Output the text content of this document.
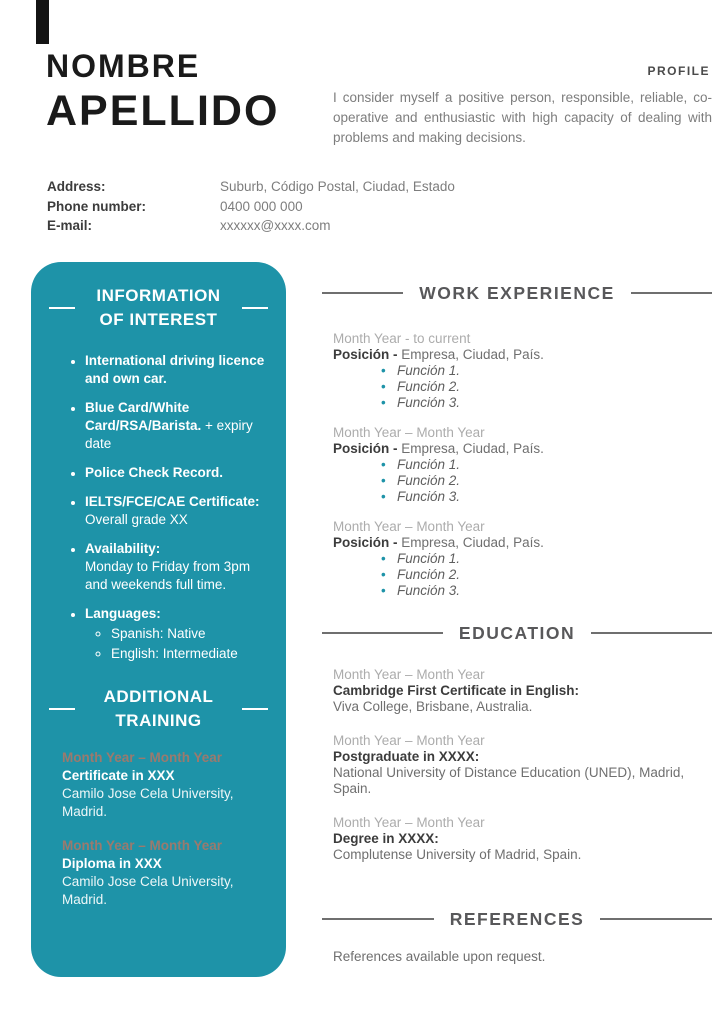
NOMBRE
APELLIDO
PROFILE

I consider myself a positive person, responsible, reliable, co-operative and enthusiastic with high capacity of dealing with problems and making decisions.

Address:	Suburb, Código Postal, Ciudad, Estado
Phone number:	0400 000 000
E-mail:	xxxxxx@xxxx.com
INFORMATION
OF INTEREST
• International driving licence and own car.
• Blue Card/White Card/RSA/Barista. + expiry date
• Police Check Record.
• IELTS/FCE/CAE Certificate:
Overall grade XX
• Availability:
Monday to Friday from 3pm and weekends full time.
• Languages:
◦ Spanish: Native
◦ English: Intermediate
ADDITIONAL
TRAINING
Month Year – Month Year
Certificate in XXX
Camilo Jose Cela University, Madrid.
Month Year – Month Year
Diploma in XXX
Camilo Jose Cela University, Madrid.
WORK EXPERIENCE
Month Year - to current
Posición - Empresa, Ciudad, País.
• Función 1.
• Función 2.
• Función 3.
Month Year – Month Year
Posición - Empresa, Ciudad, País.
• Función 1.
• Función 2.
• Función 3.
Month Year – Month Year
Posición - Empresa, Ciudad, País.
• Función 1.
• Función 2.
• Función 3.
EDUCATION
Month Year – Month Year
Cambridge First Certificate in English:
Viva College, Brisbane, Australia.
Month Year – Month Year
Postgraduate in XXXX:
National University of Distance Education (UNED), Madrid, Spain.
Month Year – Month Year
Degree in XXXX:
Complutense University of Madrid, Spain.
REFERENCES

References available upon request.
